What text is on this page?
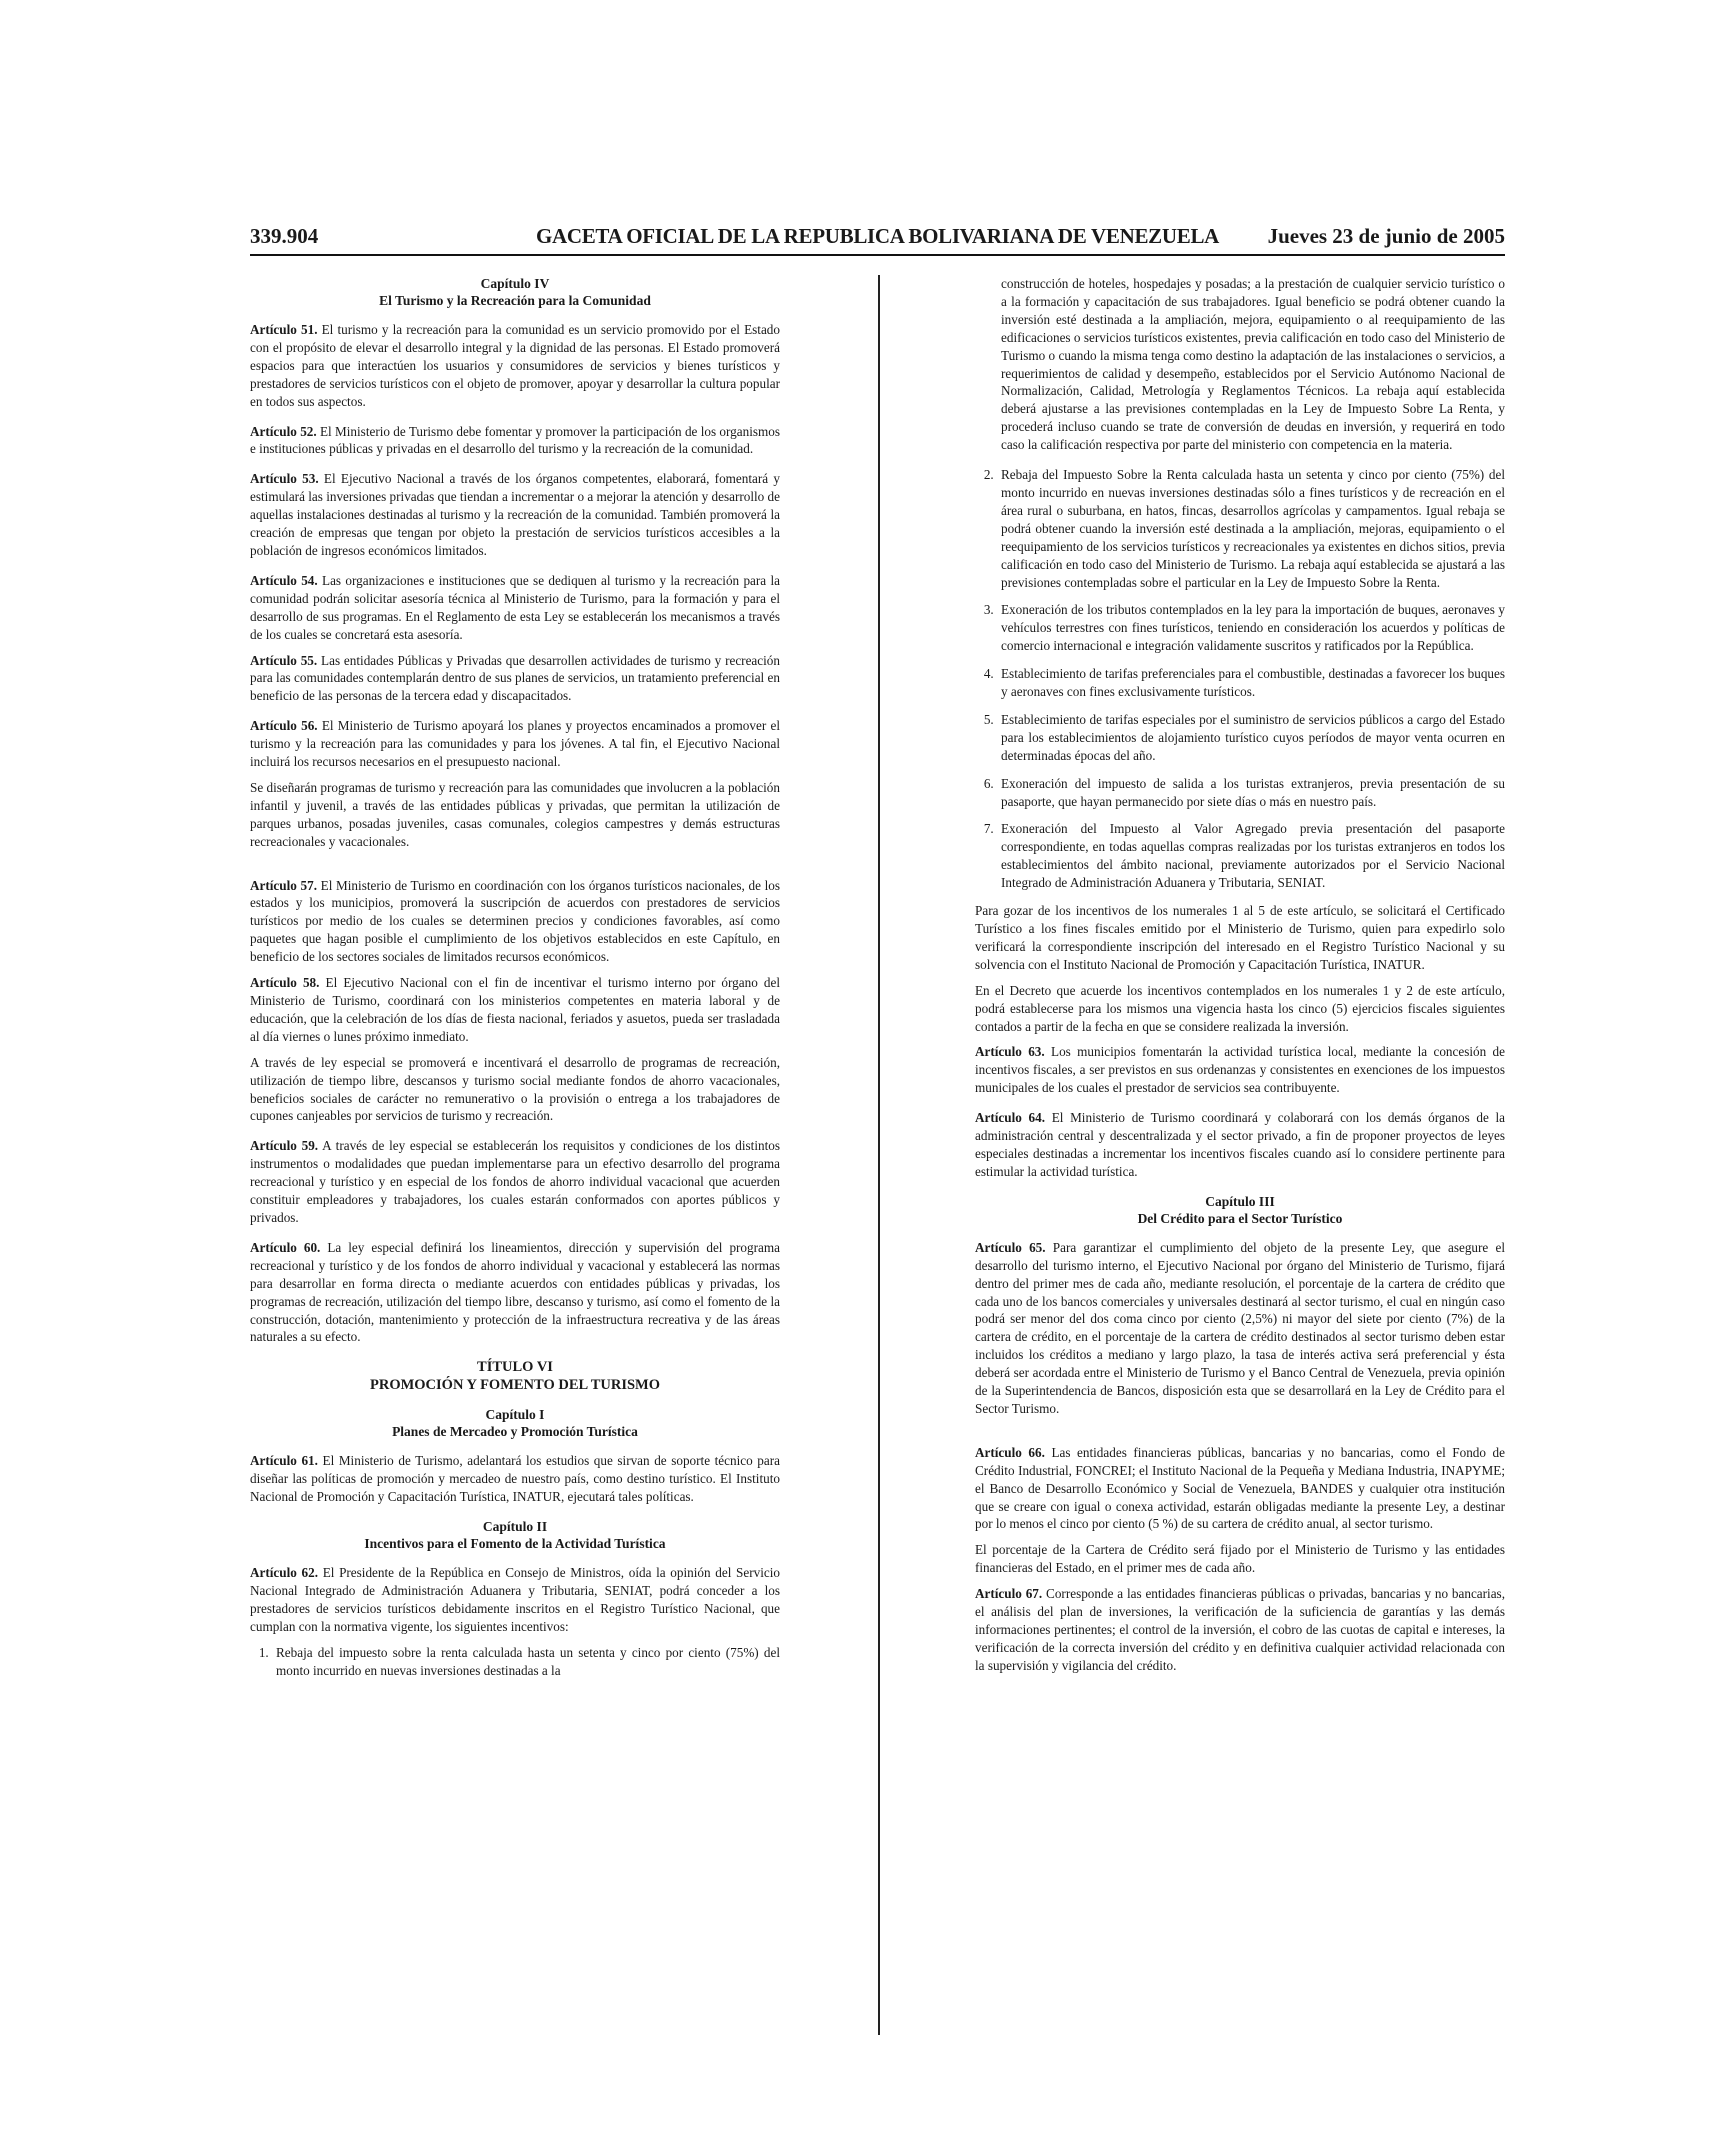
339.904	GACETA OFICIAL DE LA REPUBLICA BOLIVARIANA DE VENEZUELA	Jueves 23 de junio de 2005
Capítulo IV
El Turismo y la Recreación para la Comunidad

Artículo 51. El turismo y la recreación para la comunidad es un servicio promovido por el Estado con el propósito de elevar el desarrollo integral y la dignidad de las personas. El Estado promoverá espacios para que interactúen los usuarios y consumidores de servicios y bienes turísticos y prestadores de servicios turísticos con el objeto de promover, apoyar y desarrollar la cultura popular en todos sus aspectos.

Artículo 52. El Ministerio de Turismo debe fomentar y promover la participación de los organismos e instituciones públicas y privadas en el desarrollo del turismo y la recreación de la comunidad.

Artículo 53. El Ejecutivo Nacional a través de los órganos competentes, elaborará, fomentará y estimulará las inversiones privadas que tiendan a incrementar o a mejorar la atención y desarrollo de aquellas instalaciones destinadas al turismo y la recreación de la comunidad. También promoverá la creación de empresas que tengan por objeto la prestación de servicios turísticos accesibles a la población de ingresos económicos limitados.

Artículo 54. Las organizaciones e instituciones que se dediquen al turismo y la recreación para la comunidad podrán solicitar asesoría técnica al Ministerio de Turismo, para la formación y para el desarrollo de sus programas. En el Reglamento de esta Ley se establecerán los mecanismos a través de los cuales se concretará esta asesoría.

Artículo 55. Las entidades Públicas y Privadas que desarrollen actividades de turismo y recreación para las comunidades contemplarán dentro de sus planes de servicios, un tratamiento preferencial en beneficio de las personas de la tercera edad y discapacitados.

Artículo 56. El Ministerio de Turismo apoyará los planes y proyectos encaminados a promover el turismo y la recreación para las comunidades y para los jóvenes. A tal fin, el Ejecutivo Nacional incluirá los recursos necesarios en el presupuesto nacional.

Se diseñarán programas de turismo y recreación para las comunidades que involucren a la población infantil y juvenil, a través de las entidades públicas y privadas, que permitan la utilización de parques urbanos, posadas juveniles, casas comunales, colegios campestres y demás estructuras recreacionales y vacacionales.

Artículo 57. El Ministerio de Turismo en coordinación con los órganos turísticos nacionales, de los estados y los municipios, promoverá la suscripción de acuerdos con prestadores de servicios turísticos por medio de los cuales se determinen precios y condiciones favorables, así como paquetes que hagan posible el cumplimiento de los objetivos establecidos en este Capítulo, en beneficio de los sectores sociales de limitados recursos económicos.

Artículo 58. El Ejecutivo Nacional con el fin de incentivar el turismo interno por órgano del Ministerio de Turismo, coordinará con los ministerios competentes en materia laboral y de educación, que la celebración de los días de fiesta nacional, feriados y asuetos, pueda ser trasladada al día viernes o lunes próximo inmediato.

A través de ley especial se promoverá e incentivará el desarrollo de programas de recreación, utilización de tiempo libre, descansos y turismo social mediante fondos de ahorro vacacionales, beneficios sociales de carácter no remunerativo o la provisión o entrega a los trabajadores de cupones canjeables por servicios de turismo y recreación.

Artículo 59. A través de ley especial se establecerán los requisitos y condiciones de los distintos instrumentos o modalidades que puedan implementarse para un efectivo desarrollo del programa recreacional y turístico y en especial de los fondos de ahorro individual vacacional que acuerden constituir empleadores y trabajadores, los cuales estarán conformados con aportes públicos y privados.

Artículo 60. La ley especial definirá los lineamientos, dirección y supervisión del programa recreacional y turístico y de los fondos de ahorro individual y vacacional y establecerá las normas para desarrollar en forma directa o mediante acuerdos con entidades públicas y privadas, los programas de recreación, utilización del tiempo libre, descanso y turismo, así como el fomento de la construcción, dotación, mantenimiento y protección de la infraestructura recreativa y de las áreas naturales a su efecto.

TÍTULO VI
PROMOCIÓN Y FOMENTO DEL TURISMO
Capítulo I
Planes de Mercadeo y Promoción Turística

Artículo 61. El Ministerio de Turismo, adelantará los estudios que sirvan de soporte técnico para diseñar las políticas de promoción y mercadeo de nuestro país, como destino turístico. El Instituto Nacional de Promoción y Capacitación Turística, INATUR, ejecutará tales políticas.

Capítulo II
Incentivos para el Fomento de la Actividad Turística

Artículo 62. El Presidente de la República en Consejo de Ministros, oída la opinión del Servicio Nacional Integrado de Administración Aduanera y Tributaria, SENIAT, podrá conceder a los prestadores de servicios turísticos debidamente inscritos en el Registro Turístico Nacional, que cumplan con la normativa vigente, los siguientes incentivos:

1. Rebaja del impuesto sobre la renta calculada hasta un setenta y cinco por ciento (75%) del monto incurrido en nuevas inversiones destinadas a la

construcción de hoteles, hospedajes y posadas; a la prestación de cualquier servicio turístico o a la formación y capacitación de sus trabajadores. Igual beneficio se podrá obtener cuando la inversión esté destinada a la ampliación, mejora, equipamiento o al reequipamiento de las edificaciones o servicios turísticos existentes, previa calificación en todo caso del Ministerio de Turismo o cuando la misma tenga como destino la adaptación de las instalaciones o servicios, a requerimientos de calidad y desempeño, establecidos por el Servicio Autónomo Nacional de Normalización, Calidad, Metrología y Reglamentos Técnicos. La rebaja aquí establecida deberá ajustarse a las previsiones contempladas en la Ley de Impuesto Sobre La Renta, y procederá incluso cuando se trate de conversión de deudas en inversión, y requerirá en todo caso la calificación respectiva por parte del ministerio con competencia en la materia.

2. Rebaja del Impuesto Sobre la Renta calculada hasta un setenta y cinco por ciento (75%) del monto incurrido en nuevas inversiones destinadas sólo a fines turísticos y de recreación en el área rural o suburbana, en hatos, fincas, desarrollos agrícolas y campamentos. Igual rebaja se podrá obtener cuando la inversión esté destinada a la ampliación, mejoras, equipamiento o el reequipamiento de los servicios turísticos y recreacionales ya existentes en dichos sitios, previa calificación en todo caso del Ministerio de Turismo. La rebaja aquí establecida se ajustará a las previsiones contempladas sobre el particular en la Ley de Impuesto Sobre la Renta.
3. Exoneración de los tributos contemplados en la ley para la importación de buques, aeronaves y vehículos terrestres con fines turísticos, teniendo en consideración los acuerdos y políticas de comercio internacional e integración validamente suscritos y ratificados por la República.
4. Establecimiento de tarifas preferenciales para el combustible, destinadas a favorecer los buques y aeronaves con fines exclusivamente turísticos.
5. Establecimiento de tarifas especiales por el suministro de servicios públicos a cargo del Estado para los establecimientos de alojamiento turístico cuyos períodos de mayor venta ocurren en determinadas épocas del año.
6. Exoneración del impuesto de salida a los turistas extranjeros, previa presentación de su pasaporte, que hayan permanecido por siete días o más en nuestro país.
7. Exoneración del Impuesto al Valor Agregado previa presentación del pasaporte correspondiente, en todas aquellas compras realizadas por los turistas extranjeros en todos los establecimientos del ámbito nacional, previamente autorizados por el Servicio Nacional Integrado de Administración Aduanera y Tributaria, SENIAT.

Para gozar de los incentivos de los numerales 1 al 5 de este artículo, se solicitará el Certificado Turístico a los fines fiscales emitido por el Ministerio de Turismo, quien para expedirlo solo verificará la correspondiente inscripción del interesado en el Registro Turístico Nacional y su solvencia con el Instituto Nacional de Promoción y Capacitación Turística, INATUR.

En el Decreto que acuerde los incentivos contemplados en los numerales 1 y 2 de este artículo, podrá establecerse para los mismos una vigencia hasta los cinco (5) ejercicios fiscales siguientes contados a partir de la fecha en que se considere realizada la inversión.

Artículo 63. Los municipios fomentarán la actividad turística local, mediante la concesión de incentivos fiscales, a ser previstos en sus ordenanzas y consistentes en exenciones de los impuestos municipales de los cuales el prestador de servicios sea contribuyente.

Artículo 64. El Ministerio de Turismo coordinará y colaborará con los demás órganos de la administración central y descentralizada y el sector privado, a fin de proponer proyectos de leyes especiales destinadas a incrementar los incentivos fiscales cuando así lo considere pertinente para estimular la actividad turística.

Capítulo III
Del Crédito para el Sector Turístico

Artículo 65. Para garantizar el cumplimiento del objeto de la presente Ley, que asegure el desarrollo del turismo interno, el Ejecutivo Nacional por órgano del Ministerio de Turismo, fijará dentro del primer mes de cada año, mediante resolución, el porcentaje de la cartera de crédito que cada uno de los bancos comerciales y universales destinará al sector turismo, el cual en ningún caso podrá ser menor del dos coma cinco por ciento (2,5%) ni mayor del siete por ciento (7%) de la cartera de crédito, en el porcentaje de la cartera de crédito destinados al sector turismo deben estar incluidos los créditos a mediano y largo plazo, la tasa de interés activa será preferencial y ésta deberá ser acordada entre el Ministerio de Turismo y el Banco Central de Venezuela, previa opinión de la Superintendencia de Bancos, disposición esta que se desarrollará en la Ley de Crédito para el Sector Turismo.

Artículo 66. Las entidades financieras públicas, bancarias y no bancarias, como el Fondo de Crédito Industrial, FONCREI; el Instituto Nacional de la Pequeña y Mediana Industria, INAPYME; el Banco de Desarrollo Económico y Social de Venezuela, BANDES y cualquier otra institución que se creare con igual o conexa actividad, estarán obligadas mediante la presente Ley, a destinar por lo menos el cinco por ciento (5 %) de su cartera de crédito anual, al sector turismo.

El porcentaje de la Cartera de Crédito será fijado por el Ministerio de Turismo y las entidades financieras del Estado, en el primer mes de cada año.

Artículo 67. Corresponde a las entidades financieras públicas o privadas, bancarias y no bancarias, el análisis del plan de inversiones, la verificación de la suficiencia de garantías y las demás informaciones pertinentes; el control de la inversión, el cobro de las cuotas de capital e intereses, la verificación de la correcta inversión del crédito y en definitiva cualquier actividad relacionada con la supervisión y vigilancia del crédito.
